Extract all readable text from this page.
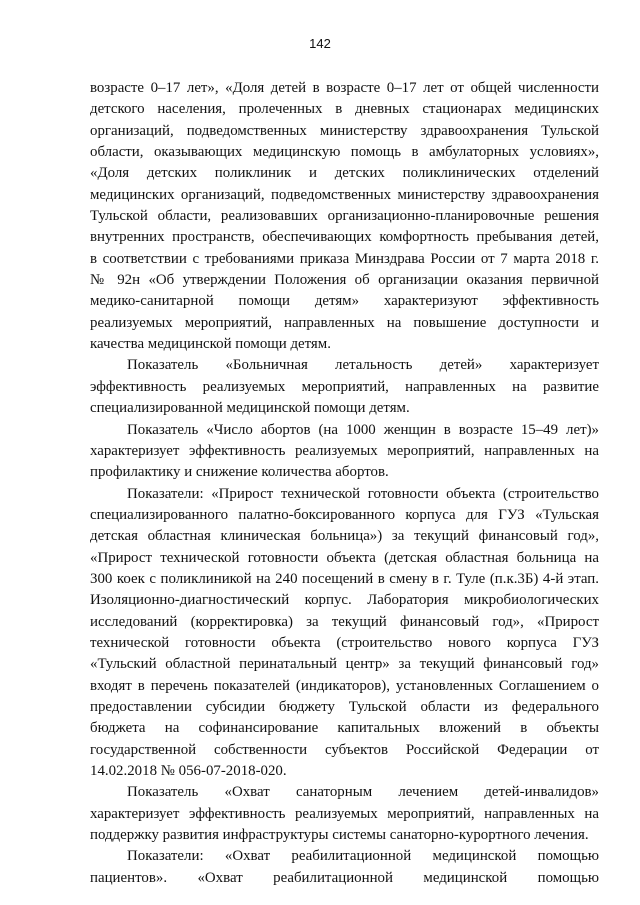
142
возрасте 0–17 лет», «Доля детей в возрасте 0–17 лет от общей численности
детского населения, пролеченных в дневных стационарах медицинских
организаций, подведомственных министерству здравоохранения Тульской
области, оказывающих медицинскую помощь в амбулаторных условиях»,
«Доля детских поликлиник и детских поликлинических отделений
медицинских организаций, подведомственных министерству здравоохранения
Тульской области, реализовавших организационно-планировочные решения
внутренних пространств, обеспечивающих комфортность пребывания детей,
в соответствии с требованиями приказа Минздрава России от 7 марта 2018 г.
№ 92н «Об утверждении Положения об организации оказания первичной
медико-санитарной помощи детям» характеризуют эффективность
реализуемых мероприятий, направленных на повышение доступности и
качества медицинской помощи детям.
Показатель «Больничная летальность детей» характеризует
эффективность реализуемых мероприятий, направленных на развитие
специализированной медицинской помощи детям.
Показатель «Число абортов (на 1000 женщин в возрасте 15–49 лет)»
характеризует эффективность реализуемых мероприятий, направленных на
профилактику и снижение количества абортов.
Показатели: «Прирост технической готовности объекта (строительство
специализированного палатно-боксированного корпуса для ГУЗ «Тульская
детская областная клиническая больница») за текущий финансовый год»,
«Прирост технической готовности объекта (детская областная больница на
300 коек с поликлиникой на 240 посещений в смену в г. Туле (п.к.3Б) 4-й этап.
Изоляционно-диагностический корпус. Лаборатория микробиологических
исследований (корректировка) за текущий финансовый год», «Прирост
технической готовности объекта (строительство нового корпуса ГУЗ
«Тульский областной перинатальный центр» за текущий финансовый год»
входят в перечень показателей (индикаторов), установленных Соглашением о
предоставлении субсидии бюджету Тульской области из федерального
бюджета на софинансирование капитальных вложений в объекты
государственной собственности субъектов Российской Федерации от
14.02.2018 № 056-07-2018-020.
Показатель «Охват санаторным лечением детей-инвалидов»
характеризует эффективность реализуемых мероприятий, направленных на
поддержку развития инфраструктуры системы санаторно-курортного лечения.
Показатели: «Охват реабилитационной медицинской помощью
пациентов». «Охват реабилитационной медицинской помощью
